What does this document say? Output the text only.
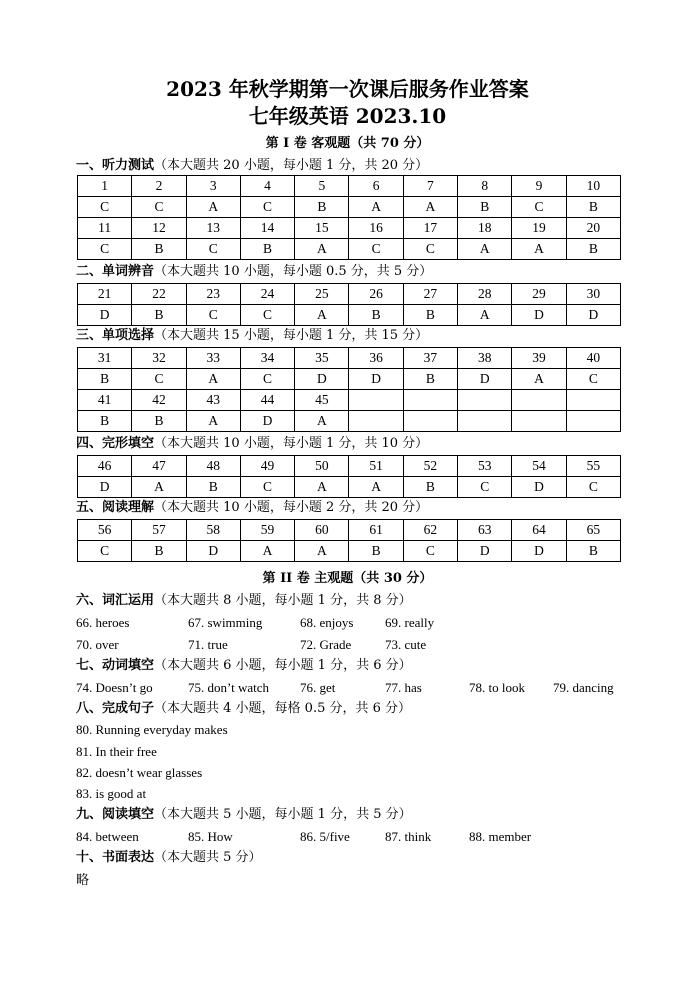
2023 年秋学期第一次课后服务作业答案
七年级英语 2023.10
第 I 卷 客观题（共 70 分）
一、听力测试（本大题共 20 小题，每小题 1 分，共 20 分）
1	2	3	4	5	6	7	8	9	10
C	C	A	C	B	A	A	B	C	B
11	12	13	14	15	16	17	18	19	20
C	B	C	B	A	C	C	A	A	B
二、单词辨音（本大题共 10 小题，每小题 0.5 分，共 5 分）
21	22	23	24	25	26	27	28	29	30
D	B	C	C	A	B	B	A	D	D
三、单项选择（本大题共 15 小题，每小题 1 分，共 15 分）
31	32	33	34	35	36	37	38	39	40
B	C	A	C	D	D	B	D	A	C
41	42	43	44	45					
B	B	A	D	A					
四、完形填空（本大题共 10 小题，每小题 1 分，共 10 分）
46	47	48	49	50	51	52	53	54	55
D	A	B	C	A	A	B	C	D	C
五、阅读理解（本大题共 10 小题，每小题 2 分，共 20 分）
56	57	58	59	60	61	62	63	64	65
C	B	D	A	A	B	C	D	D	B
第 II 卷 主观题（共 30 分）
六、词汇运用（本大题共 8 小题，每小题 1 分，共 8 分）
66. heroes	67. swimming	68. enjoys 69. really
70. over	71. true	72. Grade	73. cute
七、动词填空（本大题共 6 小题，每小题 1 分，共 6 分）
74. Doesn’t go	75. don’t watch 76. get	77. has	78. to look 79. dancing
八、完成句子（本大题共 4 小题，每格 0.5 分，共 6 分）
80. Running everyday makes
81. In their free
82. doesn’t wear glasses
83. is good at
九、阅读填空（本大题共 5 小题，每小题 1 分，共 5 分）
84. between	85. How	86. 5/five	87. think	88. member
十、书面表达（本大题共 5 分）
略
